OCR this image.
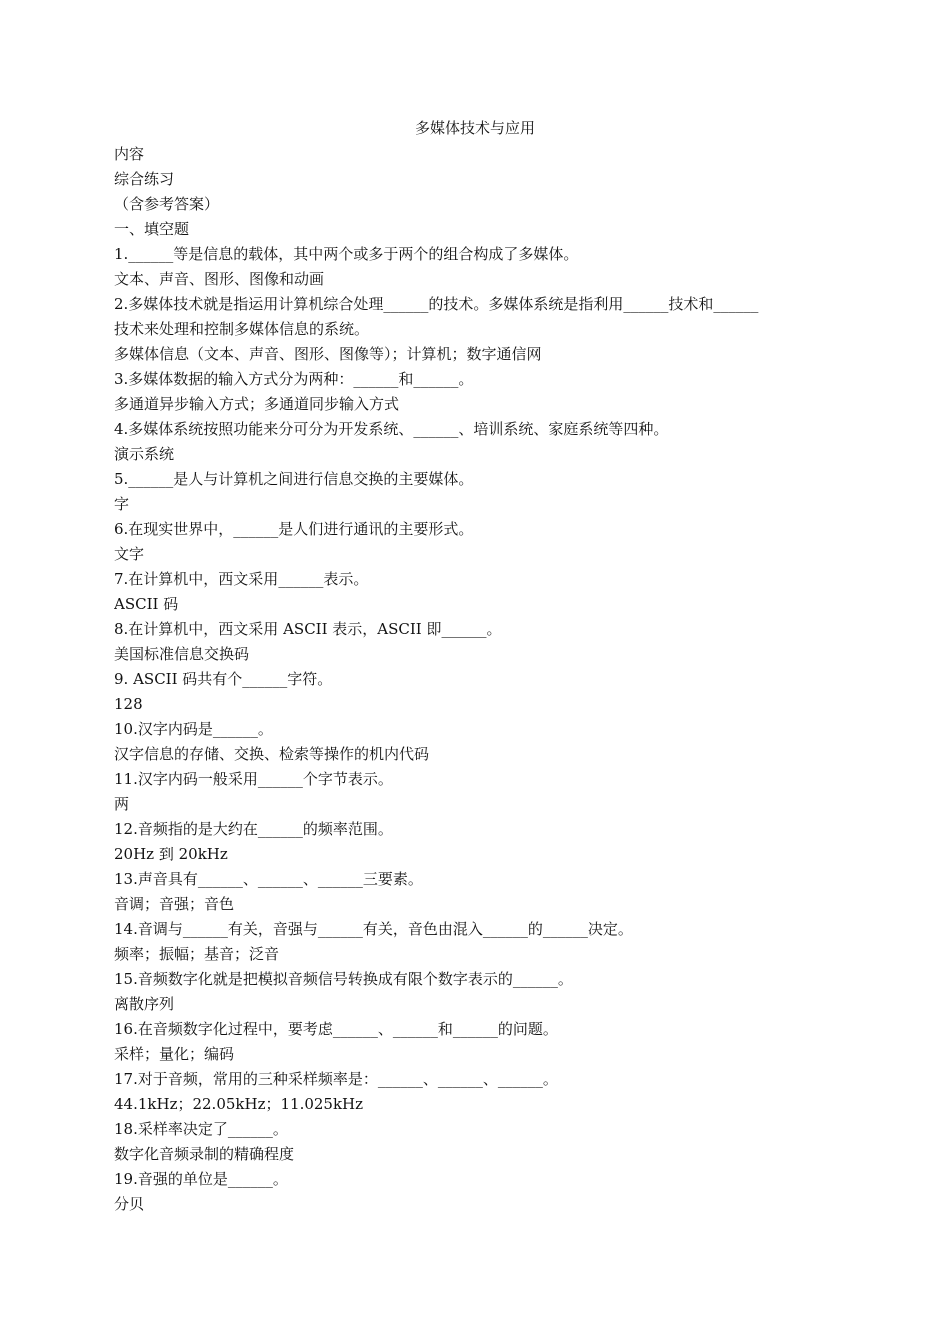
多媒体技术与应用
内容
综合练习
（含参考答案）
一、填空题
1.______等是信息的载体，其中两个或多于两个的组合构成了多媒体。
文本、声音、图形、图像和动画
2.多媒体技术就是指运用计算机综合处理______的技术。多媒体系统是指利用______技术和______
技术来处理和控制多媒体信息的系统。
多媒体信息（文本、声音、图形、图像等）；计算机；数字通信网
3.多媒体数据的输入方式分为两种：______和______。
多通道异步输入方式；多通道同步输入方式
4.多媒体系统按照功能来分可分为开发系统、______、培训系统、家庭系统等四种。
演示系统
5.______是人与计算机之间进行信息交换的主要媒体。
字
6.在现实世界中，______是人们进行通讯的主要形式。
文字
7.在计算机中，西文采用______表示。
ASCII 码
8.在计算机中，西文采用 ASCII 表示，ASCII 即______。
美国标准信息交换码
9. ASCII 码共有个______字符。
128
10.汉字内码是______。
汉字信息的存储、交换、检索等操作的机内代码
11.汉字内码一般采用______个字节表示。
两
12.音频指的是大约在______的频率范围。
20Hz 到 20kHz
13.声音具有______、______、______三要素。
音调；音强；音色
14.音调与______有关，音强与______有关，音色由混入______的______决定。
频率；振幅；基音；泛音
15.音频数字化就是把模拟音频信号转换成有限个数字表示的______。
离散序列
16.在音频数字化过程中，要考虑______、______和______的问题。
采样；量化；编码
17.对于音频，常用的三种采样频率是：______、______、______。
44.1kHz；22.05kHz；11.025kHz
18.采样率决定了______。
数字化音频录制的精确程度
19.音强的单位是______。
分贝
